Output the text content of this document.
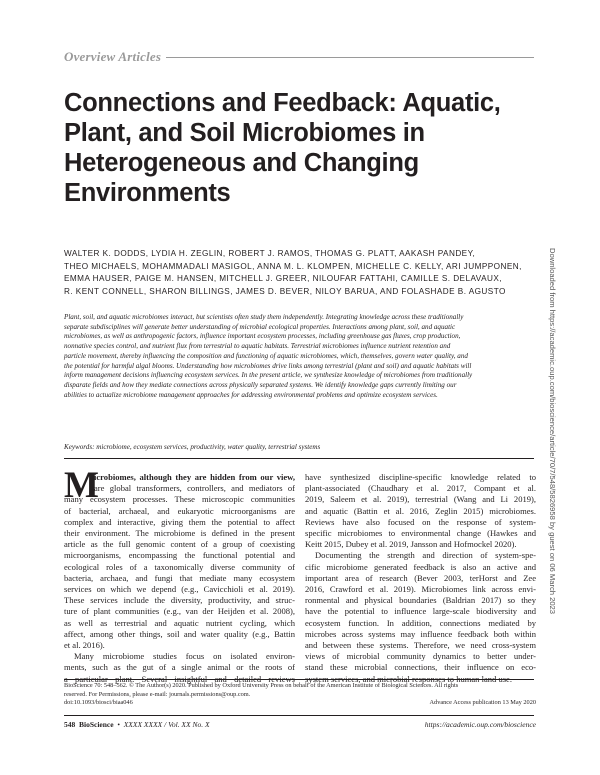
Overview Articles
Connections and Feedback: Aquatic,
Plant, and Soil Microbiomes in
Heterogeneous and Changing
Environments
WALTER K. DODDS, LYDIA H. ZEGLIN, ROBERT J. RAMOS, THOMAS G. PLATT, AAKASH PANDEY,
THEO MICHAELS, MOHAMMADALI MASIGOL, ANNA M. L. KLOMPEN, MICHELLE C. KELLY, ARI JUMPPONEN,
EMMA HAUSER, PAIGE M. HANSEN, MITCHELL J. GREER, NILOUFAR FATTAHI, CAMILLE S. DELAVAUX,
R. KENT CONNELL, SHARON BILLINGS, JAMES D. BEVER, NILOY BARUA, AND FOLASHADE B. AGUSTO
Plant, soil, and aquatic microbiomes interact, but scientists often study them independently. Integrating knowledge across these traditionally
separate subdisciplines will generate better understanding of microbial ecological properties. Interactions among plant, soil, and aquatic
microbiomes, as well as anthropogenic factors, influence important ecosystem processes, including greenhouse gas fluxes, crop production,
nonnative species control, and nutrient flux from terrestrial to aquatic habitats. Terrestrial microbiomes influence nutrient retention and
particle movement, thereby influencing the composition and functioning of aquatic microbiomes, which, themselves, govern water quality, and
the potential for harmful algal blooms. Understanding how microbiomes drive links among terrestrial (plant and soil) and aquatic habitats will
inform management decisions influencing ecosystem services. In the present article, we synthesize knowledge of microbiomes from traditionally
disparate fields and how they mediate connections across physically separated systems. We identify knowledge gaps currently limiting our
abilities to actualize microbiome management approaches for addressing environmental problems and optimize ecosystem services.
Keywords: microbiome, ecosystem services, productivity, water quality, terrestrial systems
M
icrobiomes, although they are hidden from our view,
are global transformers, controllers, and mediators of
many ecosystem processes. These microscopic communities
of bacterial, archaeal, and eukaryotic microorganisms are
complex and interactive, giving them the potential to affect
their environment. The microbiome is defined in the present
article as the full genomic content of a group of coexisting
microorganisms, encompassing the functional potential and
ecological roles of a taxonomically diverse community of
bacteria, archaea, and fungi that mediate many ecosystem
services on which we depend (e.g., Cavicchioli et al. 2019).
These services include the diversity, productivity, and struc-
ture of plant communities (e.g., van der Heijden et al. 2008),
as well as terrestrial and aquatic nutrient cycling, which
affect, among other things, soil and water quality (e.g., Battin
et al. 2016).
Many microbiome studies focus on isolated environ-
ments, such as the gut of a single animal or the roots of
a particular plant. Several insightful and detailed reviews
have synthesized discipline-specific knowledge related to
plant-associated (Chaudhary et al. 2017, Compant et al.
2019, Saleem et al. 2019), terrestrial (Wang and Li 2019),
and aquatic (Battin et al. 2016, Zeglin 2015) microbiomes.
Reviews have also focused on the response of system-
specific microbiomes to environmental change (Hawkes and
Keitt 2015, Dubey et al. 2019, Jansson and Hofmockel 2020).
Documenting the strength and direction of system-spe-
cific microbiome generated feedback is also an active and
important area of research (Bever 2003, terHorst and Zee
2016, Crawford et al. 2019). Microbiomes link across envi-
ronmental and physical boundaries (Baldrian 2017) so they
have the potential to influence large-scale biodiversity and
ecosystem function. In addition, connections mediated by
microbes across systems may influence feedback both within
and between these systems. Therefore, we need cross-system
views of microbial community dynamics to better under-
stand these microbial connections, their influence on eco-
system services, and microbial responses to human land use.
BioScience 70: 548–562. © The Author(s) 2020. Published by Oxford University Press on behalf of the American Institute of Biological Sciences. All rights
reserved. For Permissions, please e-mail: journals.permissions@oup.com.
doi:10.1093/biosci/biaa046	Advance Access publication 13 May 2020
548 BioScience  •  XXXX XXXX / Vol. XX No. X	https://academic.oup.com/bioscience
Downloaded from https://academic.oup.com/bioscience/article/70/7/548/5826958 by guest on 06 March 2023
